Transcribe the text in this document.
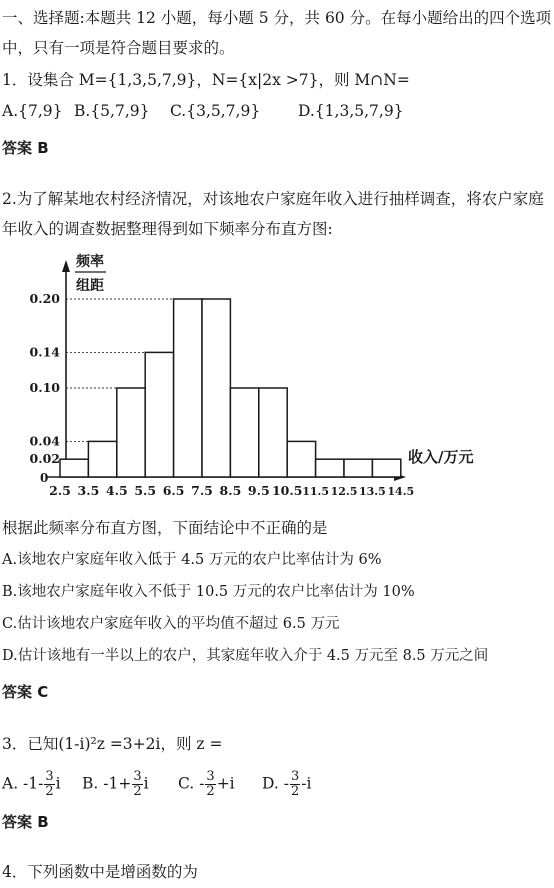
一、选择题:本题共 12 小题，每小题 5 分，共 60 分。在每小题给出的四个选项
中，只有一项是符合题目要求的。
1．设集合 M={1,3,5,7,9}，N={x|2x >7}，则 M∩N=
A.{7,9} B.{5,7,9} C.{3,5,7,9} D.{1,3,5,7,9}
答案 B
2.为了解某地农村经济情况，对该地农户家庭年收入进行抽样调查，将农户家庭
年收入的调查数据整理得到如下频率分布直方图:
频率
组距
收入/万元
0
0.20
0.14
0.10
0.04
0.02
2.5 3.5 4.5 5.5 6.5 7.5 8.5 9.5 10.5 11.5 12.5 13.5 14.5
根据此频率分布直方图，下面结论中不正确的是
A.该地农户家庭年收入低于 4.5 万元的农户比率估计为 6%
B.该地农户家庭年收入不低于 10.5 万元的农户比率估计为 10%
C.估计该地农户家庭年收入的平均值不超过 6.5 万元
D.估计该地有一半以上的农户，其家庭年收入介于 4.5 万元至 8.5 万元之间
答案 C
3．已知(1-i)²z =3+2i，则 z =
A. $-1- \frac{3}{2}$ i B. $-1+ \frac{3}{2}$ i C. - $\frac{3}{2} +i$ D. - $\frac{3}{2} -i$
答案 B
4．下列函数中是增函数的为
